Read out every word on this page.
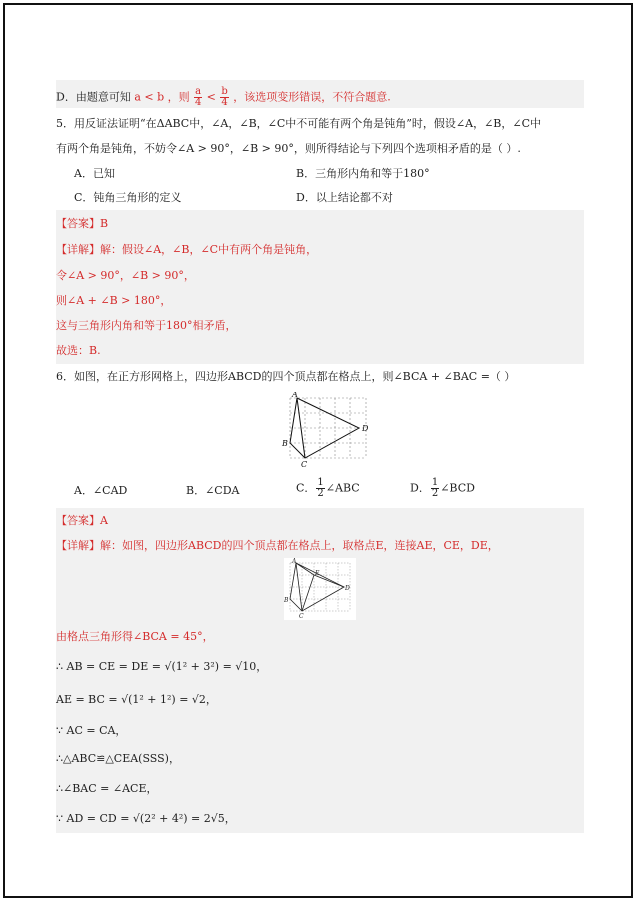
D．由题意可知 a < b ，则 $\frac{a}{4} < \frac{b}{4}$ ，该选项变形错误，不符合题意.
5．用反证法证明“在ΔABC中，∠A，∠B，∠C中不可能有两个角是钝角”时，假设∠A，∠B，∠C中
有两个角是钝角，不妨令∠A > 90°，∠B > 90°，则所得结论与下列四个选项相矛盾的是（ ）.
A．已知	B．三角形内角和等于180°
C．钝角三角形的定义	D．以上结论都不对
【答案】B
【详解】解：假设∠A，∠B，∠C中有两个角是钝角，
令∠A > 90°，∠B > 90°，
则∠A + ∠B > 180°，
这与三角形内角和等于180°相矛盾，
故选：B.
6．如图，在正方形网格上，四边形ABCD的四个顶点都在格点上，则∠BCA + ∠BAC =（ ）
A
D
B
C
A．∠CAD	B．∠CDA	C． $\frac{1}{2}$ ∠ABC	D． $\frac{1}{2}$ ∠BCD
【答案】A
【详解】解：如图，四边形ABCD的四个顶点都在格点上，取格点E，连接AE，CE，DE，
A
E
D
B
C
由格点三角形得∠BCA = 45°，
∴ AB = CE = DE = √(1² + 3²) = √10，
AE = BC = √(1² + 1²) = √2，
∵ AC = CA，
∴△ABC≌△CEA(SSS)，
∴∠BAC = ∠ACE，
∵ AD = CD = √(2² + 4²) = 2√5，
